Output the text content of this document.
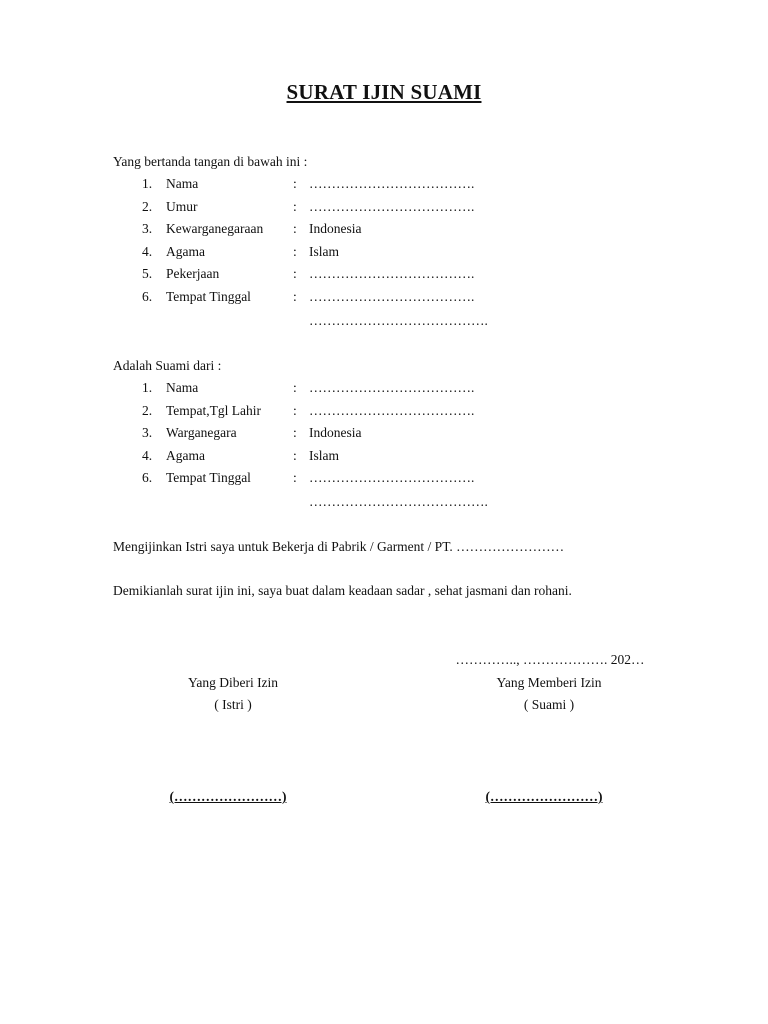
SURAT IJIN SUAMI
Yang bertanda tangan di bawah ini :
1. Nama	: ……………………………….
2. Umur	: ……………………………….
3. Kewarganegaraan : Indonesia
4. Agama	: Islam
5. Pekerjaan	: ……………………………….
6. Tempat Tinggal	: ……………………………….
………………………………….
Adalah Suami dari :
1. Nama	: ……………………………….
2. Tempat,Tgl Lahir : ……………………………….
3. Warganegara	: Indonesia
4. Agama	: Islam
6. Tempat Tinggal	: ……………………………….
………………………………….
Mengijinkan Istri saya untuk Bekerja di Pabrik / Garment / PT. ……………………
Demikianlah surat ijin ini, saya buat dalam keadaan sadar , sehat jasmani dan rohani.
………….., ………………. 202…
Yang Diberi Izin
( Istri )
(……………………)
Yang Memberi Izin
( Suami )
(……………………)
